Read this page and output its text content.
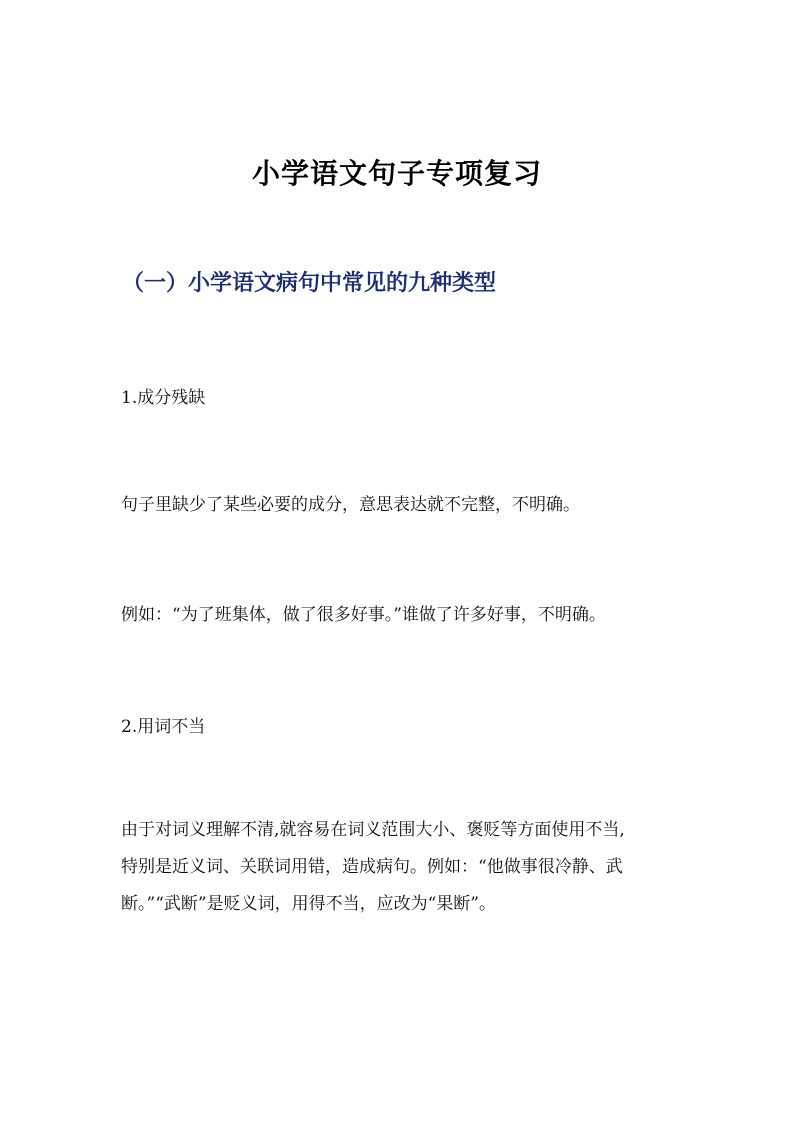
小学语文句子专项复习
（一）小学语文病句中常见的九种类型

1.成分残缺

句子里缺少了某些必要的成分，意思表达就不完整，不明确。

例如：“为了班集体，做了很多好事。”谁做了许多好事，不明确。

2.用词不当

由于对词义理解不清,就容易在词义范围大小、褒贬等方面使用不当,
特别是近义词、关联词用错，造成病句。例如：“他做事很冷静、武
断。”“武断”是贬义词，用得不当，应改为“果断”。
